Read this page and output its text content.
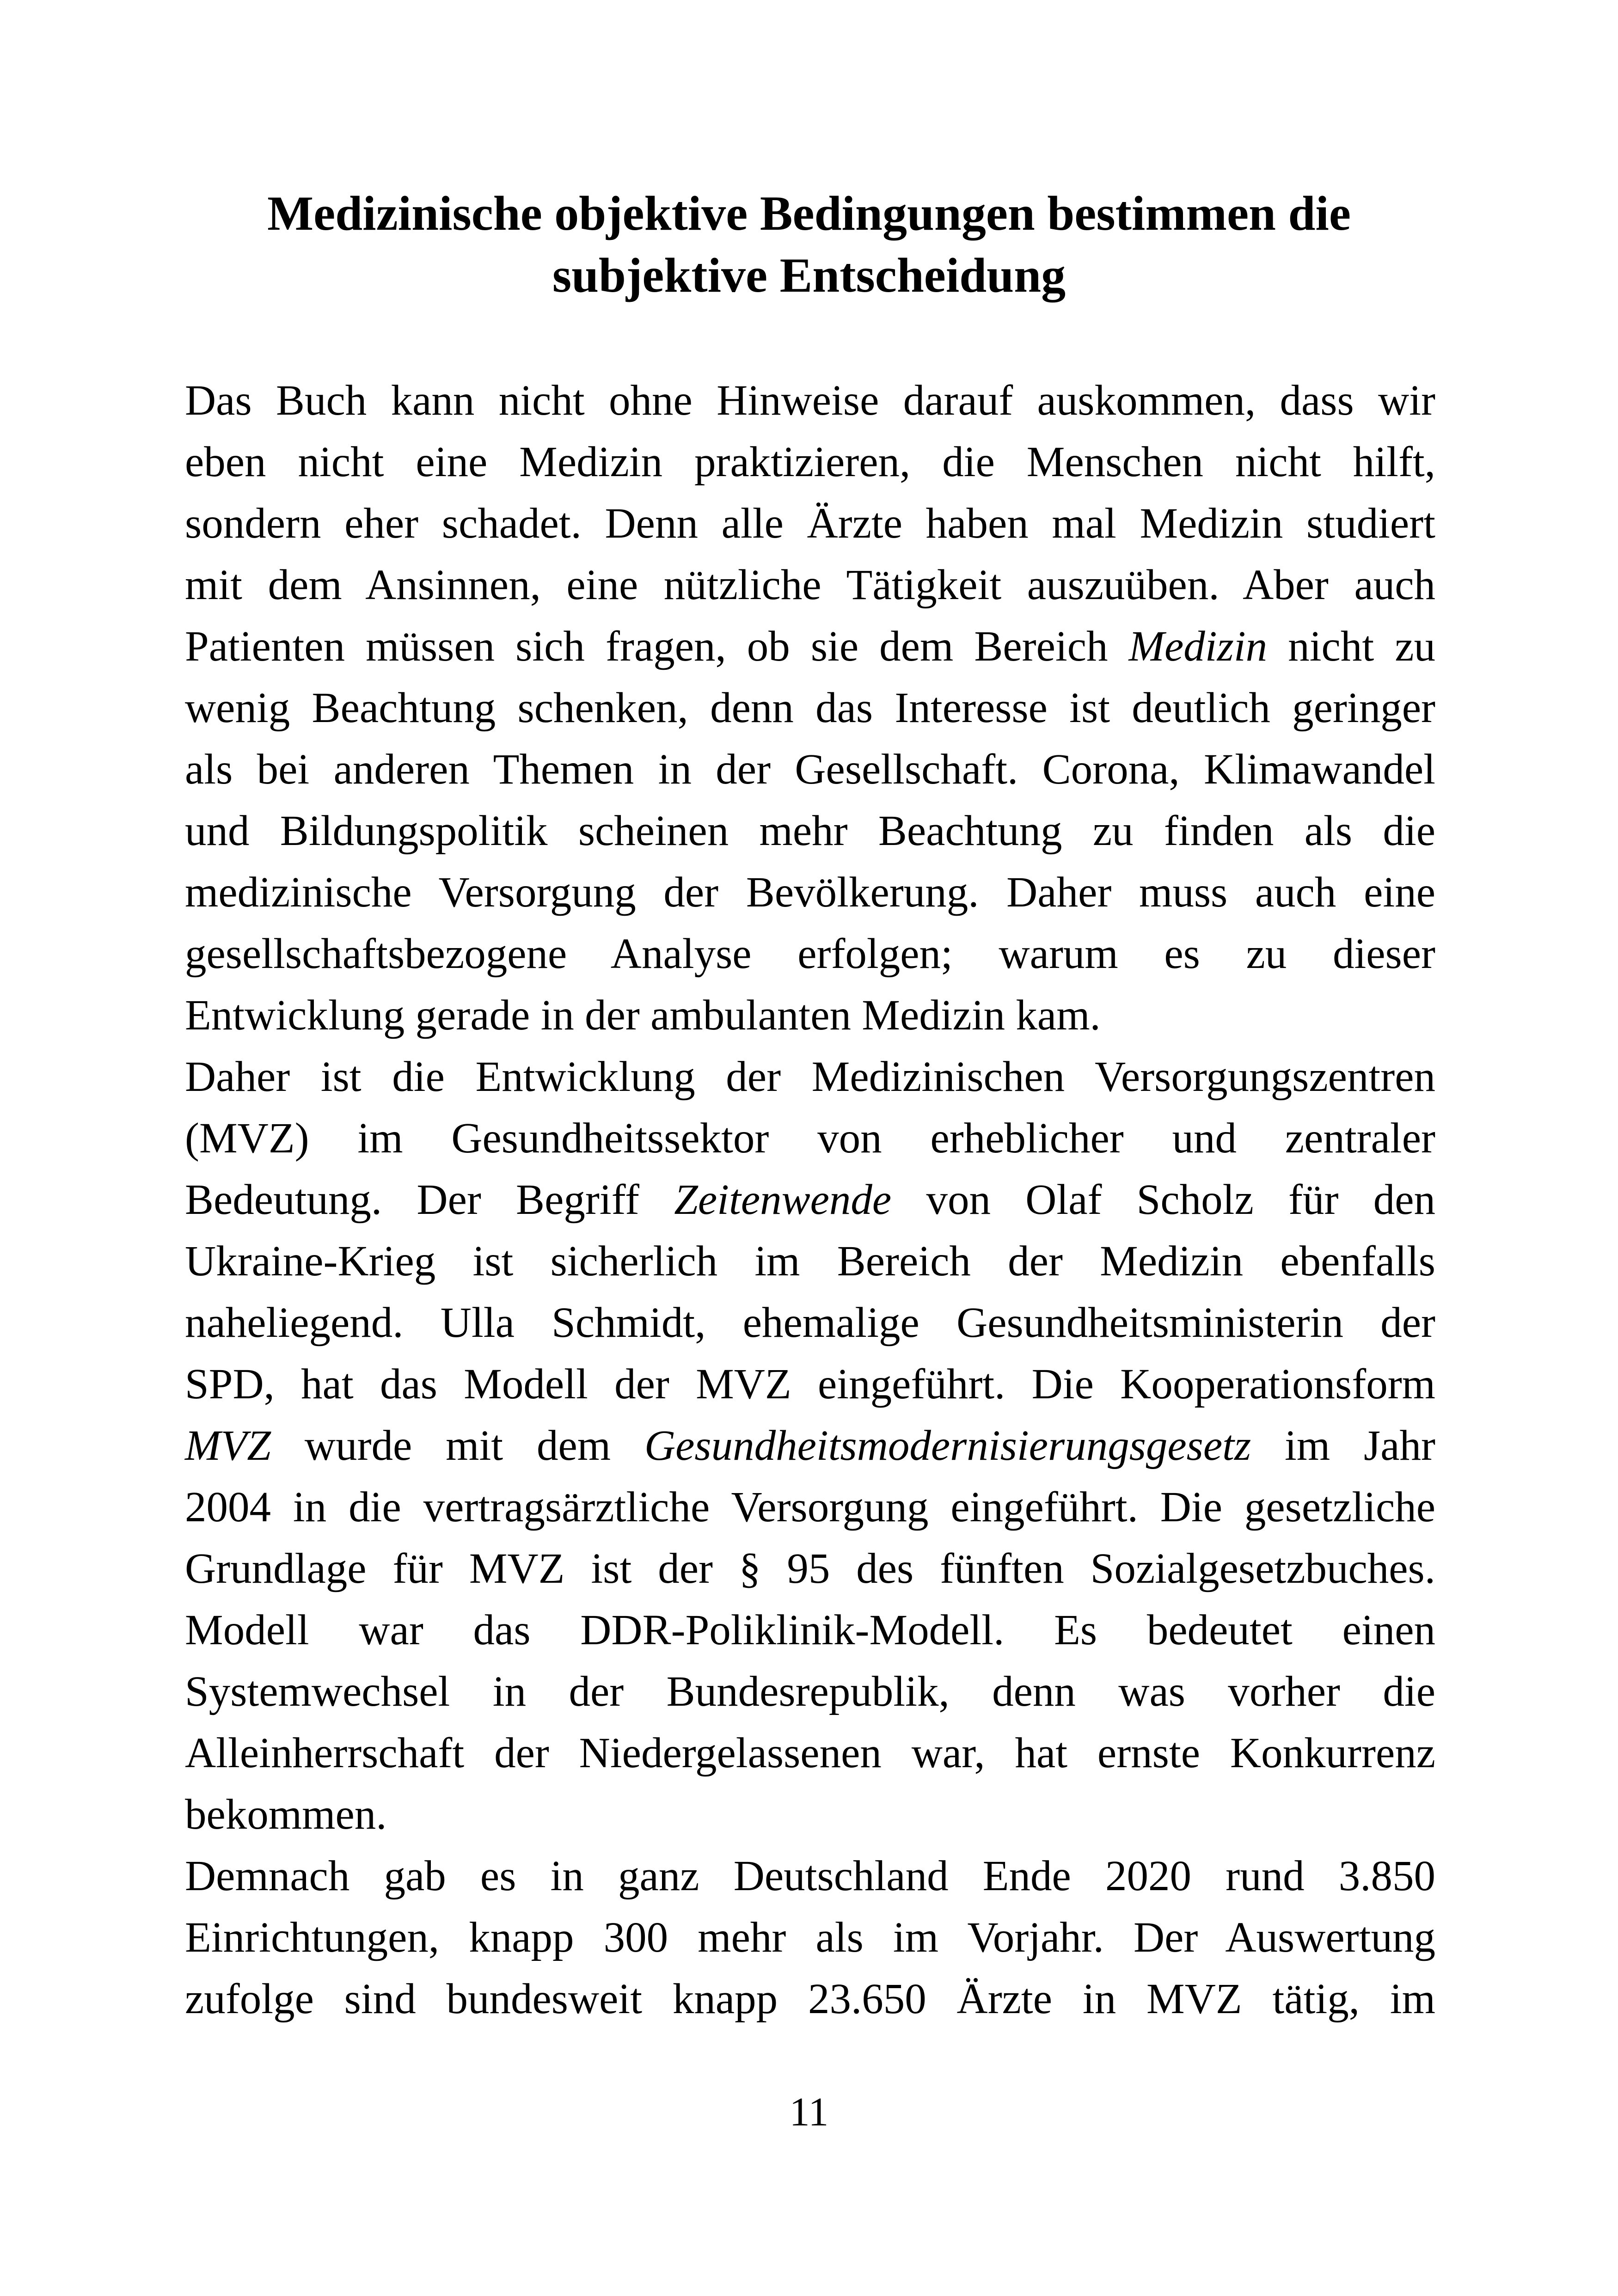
Medizinische objektive Bedingungen bestimmen die
subjektive Entscheidung
Das Buch kann nicht ohne Hinweise darauf auskommen, dass wir
eben nicht eine Medizin praktizieren, die Menschen nicht hilft,
sondern eher schadet. Denn alle Ärzte haben mal Medizin studiert
mit dem Ansinnen, eine nützliche Tätigkeit auszuüben. Aber auch
Patienten müssen sich fragen, ob sie dem Bereich Medizin nicht zu
wenig Beachtung schenken, denn das Interesse ist deutlich geringer
als bei anderen Themen in der Gesellschaft. Corona, Klimawandel
und Bildungspolitik scheinen mehr Beachtung zu finden als die
medizinische Versorgung der Bevölkerung. Daher muss auch eine
gesellschaftsbezogene Analyse erfolgen; warum es zu dieser
Entwicklung gerade in der ambulanten Medizin kam.
Daher ist die Entwicklung der Medizinischen Versorgungszentren
(MVZ) im Gesundheitssektor von erheblicher und zentraler
Bedeutung. Der Begriff Zeitenwende von Olaf Scholz für den
Ukraine-Krieg ist sicherlich im Bereich der Medizin ebenfalls
naheliegend. Ulla Schmidt, ehemalige Gesundheitsministerin der
SPD, hat das Modell der MVZ eingeführt. Die Kooperationsform
MVZ wurde mit dem Gesundheitsmodernisierungsgesetz im Jahr
2004 in die vertragsärztliche Versorgung eingeführt. Die gesetzliche
Grundlage für MVZ ist der § 95 des fünften Sozialgesetzbuches.
Modell war das DDR-Poliklinik-Modell. Es bedeutet einen
Systemwechsel in der Bundesrepublik, denn was vorher die
Alleinherrschaft der Niedergelassenen war, hat ernste Konkurrenz
bekommen.
Demnach gab es in ganz Deutschland Ende 2020 rund 3.850
Einrichtungen, knapp 300 mehr als im Vorjahr. Der Auswertung
zufolge sind bundesweit knapp 23.650 Ärzte in MVZ tätig, im
11
